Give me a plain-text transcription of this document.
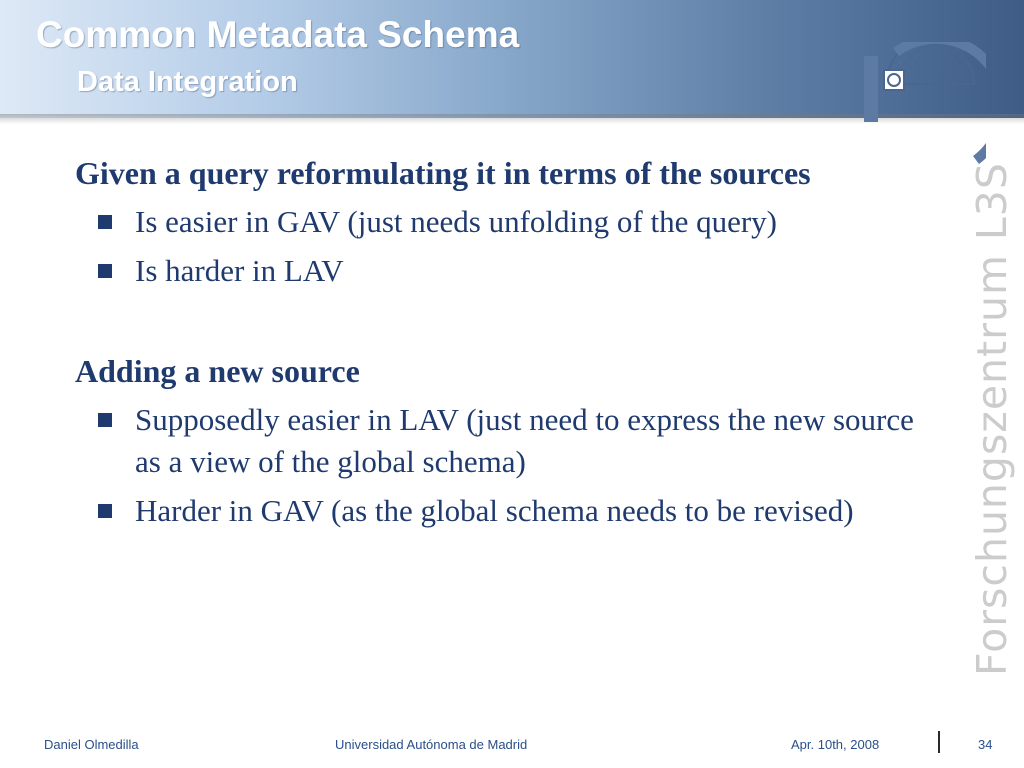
Common Metadata Schema
Data Integration
Forschungszentrum L3S

Given a query reformulating it in terms of the sources

Is easier in GAV (just needs unfolding of the query)
Is harder in LAV

Adding a new source

Supposedly easier in LAV (just need to express the new source as a view of the global schema)
Harder in GAV (as the global schema needs to be revised)
Daniel Olmedilla	Universidad Autónoma de Madrid	Apr. 10th, 2008	34
